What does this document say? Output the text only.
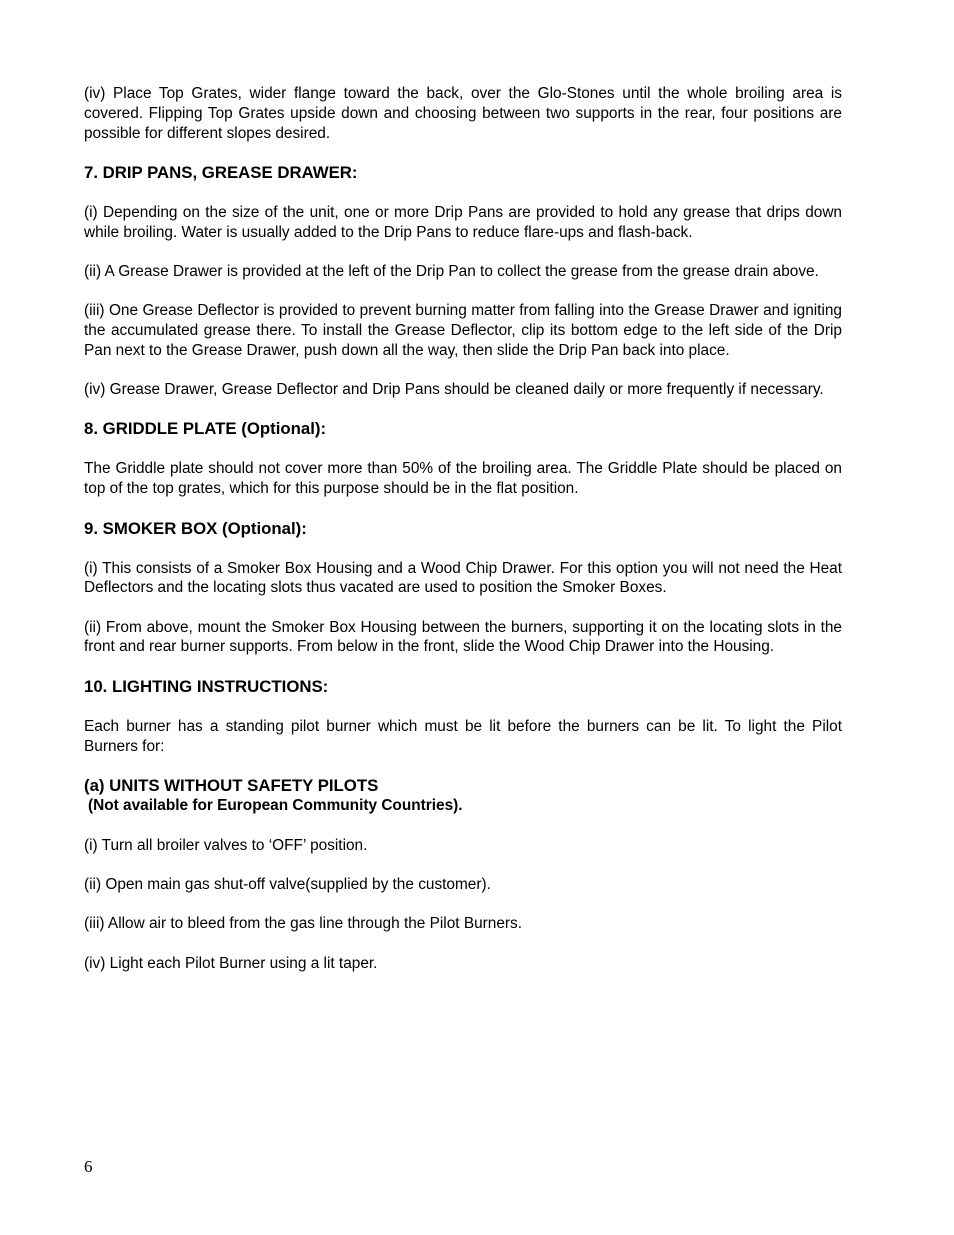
(iv) Place Top Grates, wider flange toward the back, over the Glo-Stones until the whole broiling area is covered. Flipping Top Grates upside down and choosing between two supports in the rear, four positions are possible for different slopes desired.

7. DRIP PANS, GREASE DRAWER:

(i) Depending on the size of the unit, one or more Drip Pans are provided to hold any grease that drips down while broiling. Water is usually added to the Drip Pans to reduce flare-ups and flash-back.

(ii) A Grease Drawer is provided at the left of the Drip Pan to collect the grease from the grease drain above.

(iii) One Grease Deflector is provided to prevent burning matter from falling into the Grease Drawer and igniting the accumulated grease there. To install the Grease Deflector, clip its bottom edge to the left side of the Drip Pan next to the Grease Drawer, push down all the way, then slide the Drip Pan back into place.

(iv) Grease Drawer, Grease Deflector and Drip Pans should be cleaned daily or more frequently if necessary.

8. GRIDDLE PLATE (Optional):

The Griddle plate should not cover more than 50% of the broiling area. The Griddle Plate should be placed on top of the top grates, which for this purpose should be in the flat position.

9. SMOKER BOX (Optional):

(i) This consists of a Smoker Box Housing and a Wood Chip Drawer. For this option you will not need the Heat Deflectors and the locating slots thus vacated are used to position the Smoker Boxes.

(ii) From above, mount the Smoker Box Housing between the burners, supporting it on the locating slots in the front and rear burner supports. From below in the front, slide the Wood Chip Drawer into the Housing.

10. LIGHTING INSTRUCTIONS:

Each burner has a standing pilot burner which must be lit before the burners can be lit. To light the Pilot Burners for:

(a) UNITS WITHOUT SAFETY PILOTS

(Not available for European Community Countries).

(i) Turn all broiler valves to ‘OFF’ position.

(ii) Open main gas shut-off valve(supplied by the customer).

(iii) Allow air to bleed from the gas line through the Pilot Burners.

(iv) Light each Pilot Burner using a lit taper.

6
